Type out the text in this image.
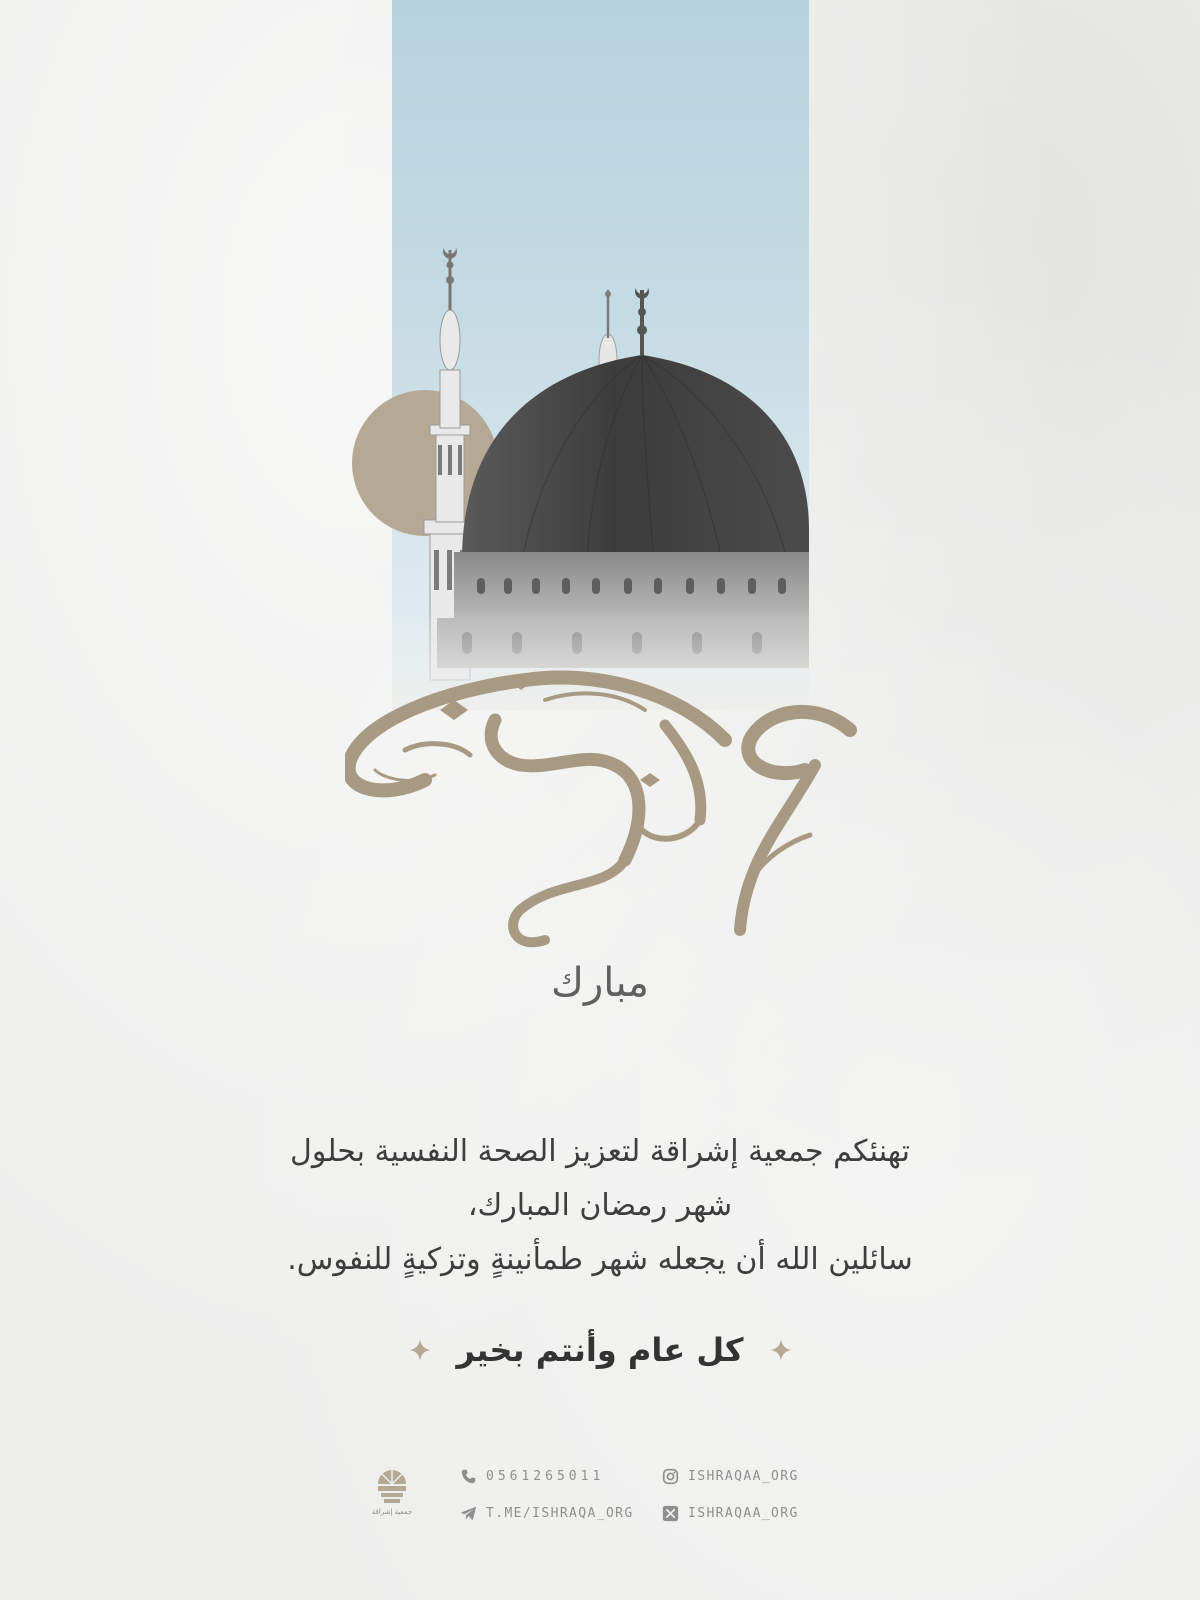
مبارك
تهنئكم جمعية إشراقة لتعزيز الصحة النفسية بحلول
شهر رمضان المبارك،
سائلين الله أن يجعله شهر طمأنينةٍ وتزكيةٍ للنفوس.
كل عام وأنتم بخير
جمعية إشراقة
0561265011	ISHRAQAA_ORG
T.ME/ISHRAQA_ORG	ISHRAQAA_ORG
